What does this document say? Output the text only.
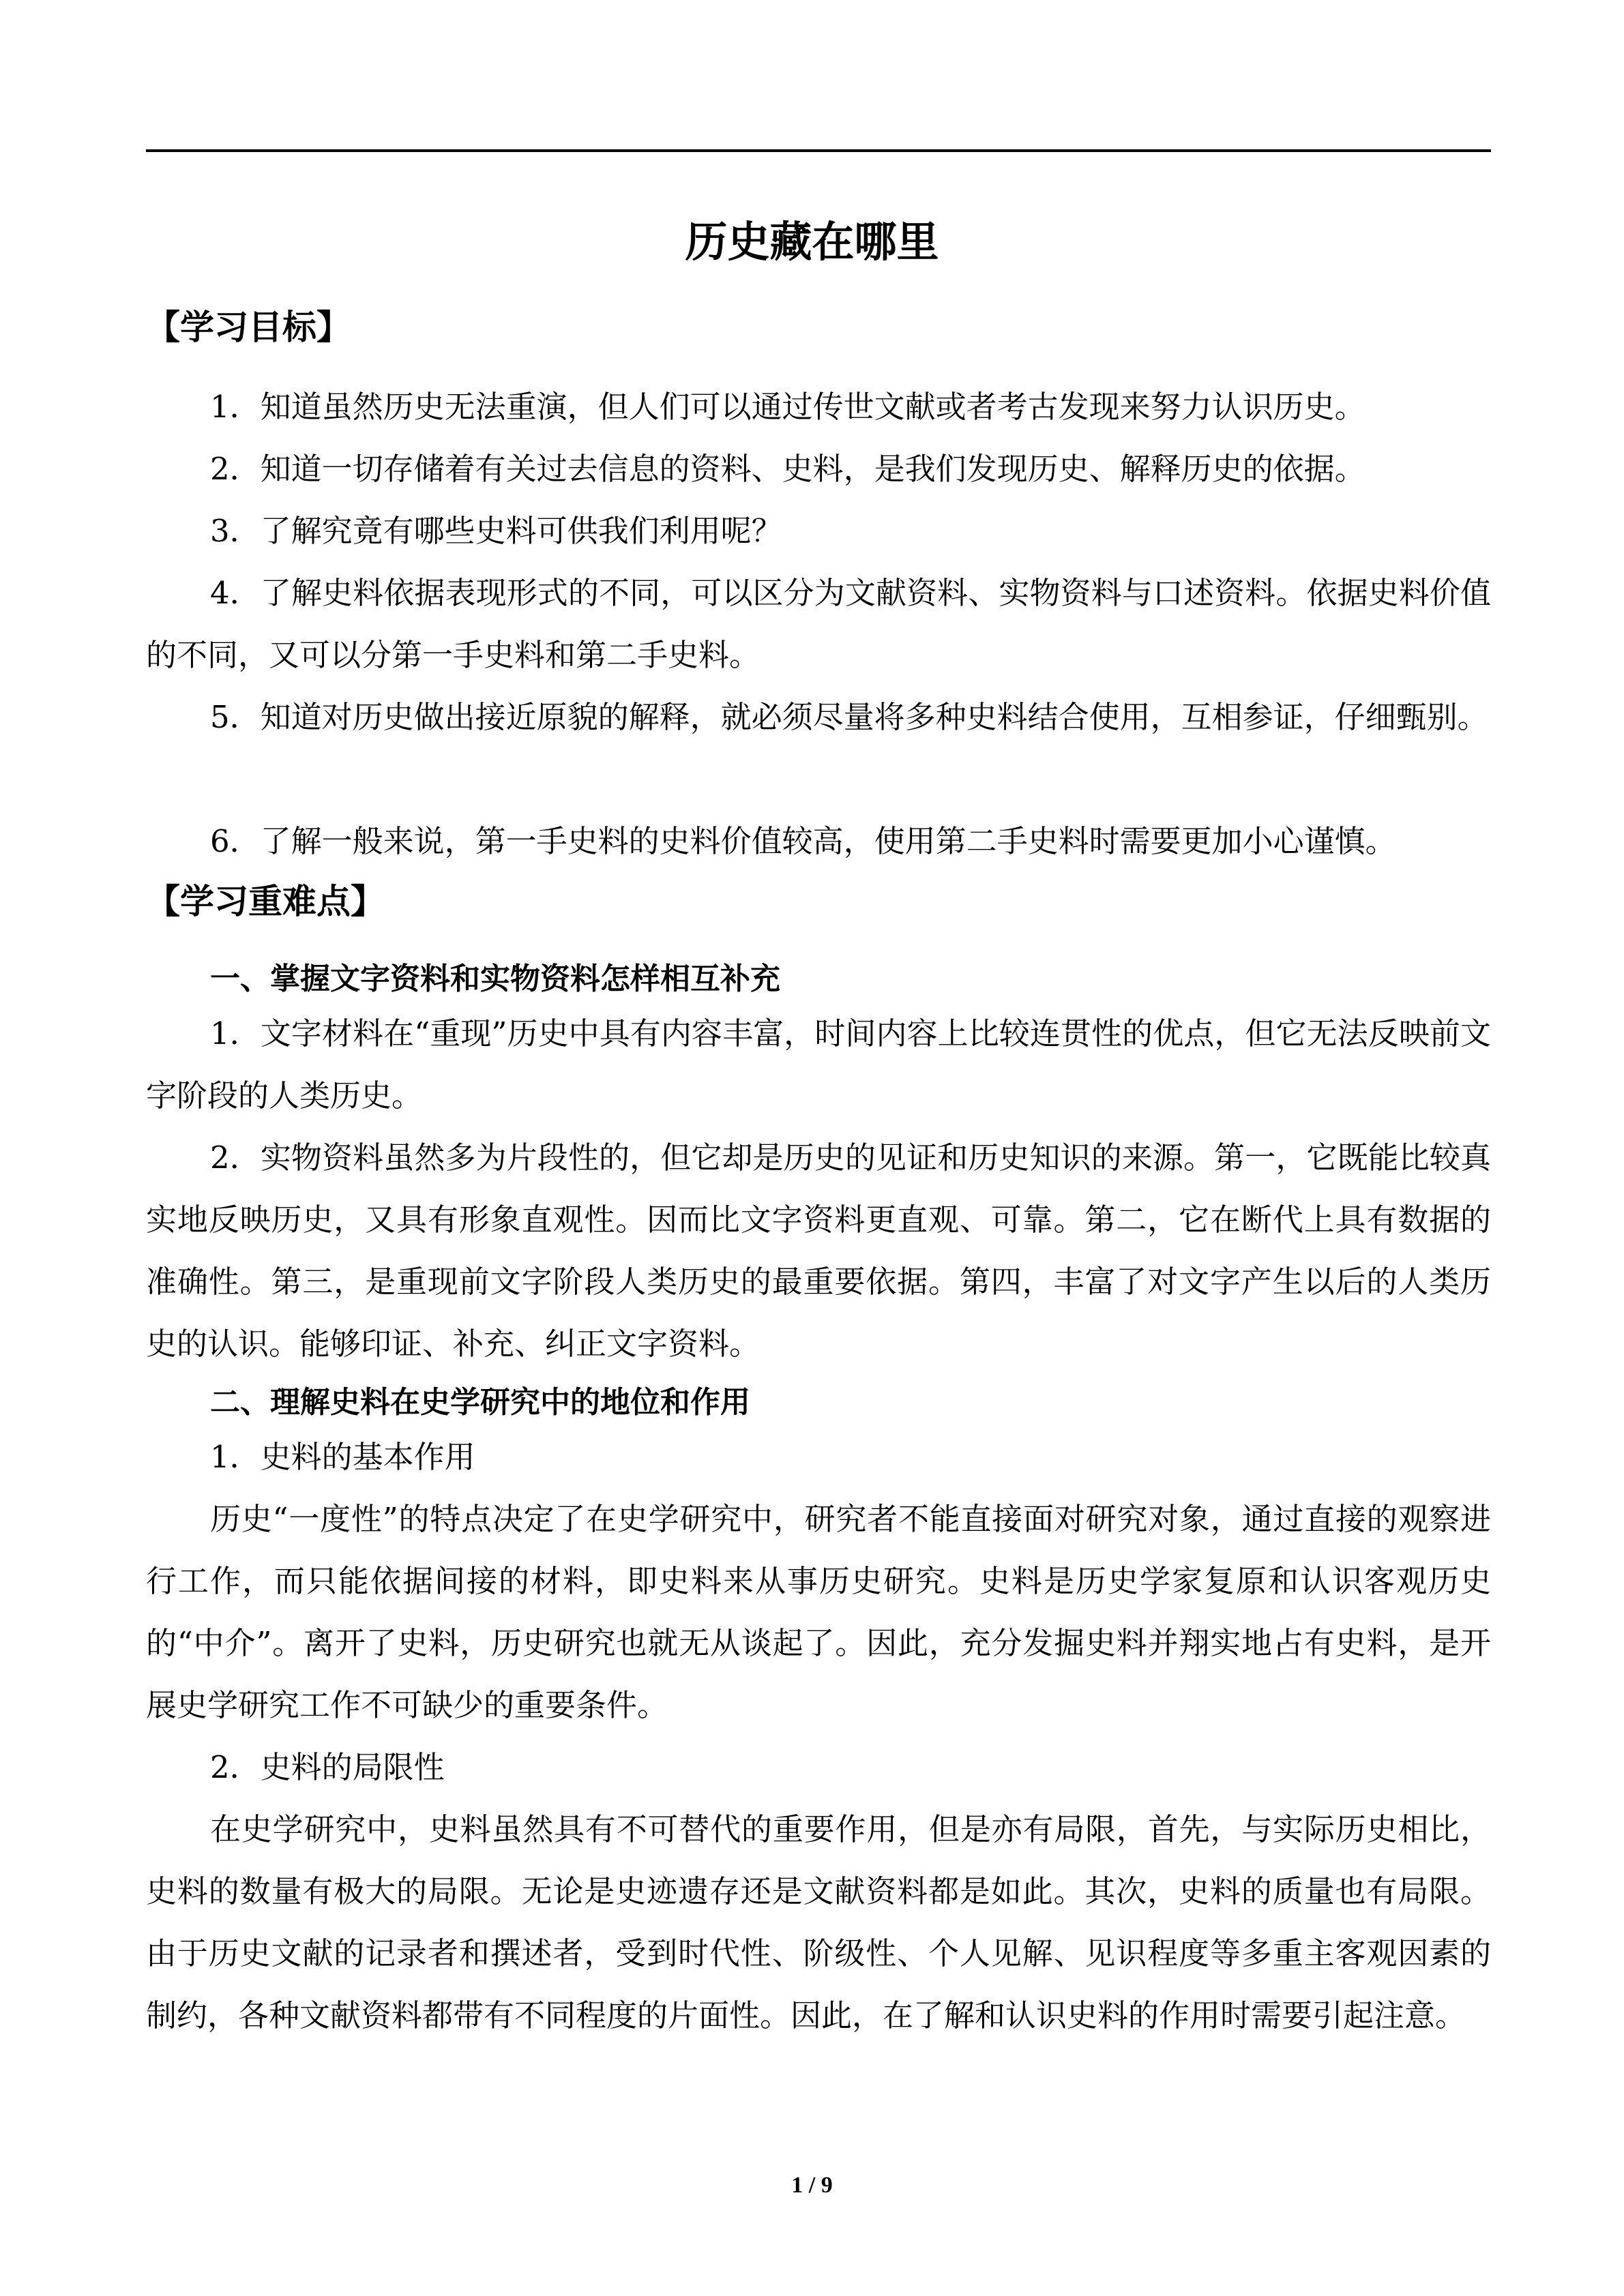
历史藏在哪里
【学习目标】

1．知道虽然历史无法重演，但人们可以通过传世文献或者考古发现来努力认识历史。

2．知道一切存储着有关过去信息的资料、史料，是我们发现历史、解释历史的依据。

3．了解究竟有哪些史料可供我们利用呢？

4．了解史料依据表现形式的不同，可以区分为文献资料、实物资料与口述资料。依据史料价值的不同，又可以分第一手史料和第二手史料。

5．知道对历史做出接近原貌的解释，就必须尽量将多种史料结合使用，互相参证，仔细甄别。

6．了解一般来说，第一手史料的史料价值较高，使用第二手史料时需要更加小心谨慎。

【学习重难点】
一、掌握文字资料和实物资料怎样相互补充

1．文字材料在“重现”历史中具有内容丰富，时间内容上比较连贯性的优点，但它无法反映前文字阶段的人类历史。

2．实物资料虽然多为片段性的，但它却是历史的见证和历史知识的来源。第一，它既能比较真实地反映历史，又具有形象直观性。因而比文字资料更直观、可靠。第二，它在断代上具有数据的准确性。第三，是重现前文字阶段人类历史的最重要依据。第四，丰富了对文字产生以后的人类历史的认识。能够印证、补充、纠正文字资料。

二、理解史料在史学研究中的地位和作用

1．史料的基本作用

历史“一度性”的特点决定了在史学研究中，研究者不能直接面对研究对象，通过直接的观察进行工作，而只能依据间接的材料，即史料来从事历史研究。史料是历史学家复原和认识客观历史的“中介”。离开了史料，历史研究也就无从谈起了。因此，充分发掘史料并翔实地占有史料，是开展史学研究工作不可缺少的重要条件。

2．史料的局限性

在史学研究中，史料虽然具有不可替代的重要作用，但是亦有局限，首先，与实际历史相比，史料的数量有极大的局限。无论是史迹遗存还是文献资料都是如此。其次，史料的质量也有局限。由于历史文献的记录者和撰述者，受到时代性、阶级性、个人见解、见识程度等多重主客观因素的制约，各种文献资料都带有不同程度的片面性。因此，在了解和认识史料的作用时需要引起注意。

1 / 9
